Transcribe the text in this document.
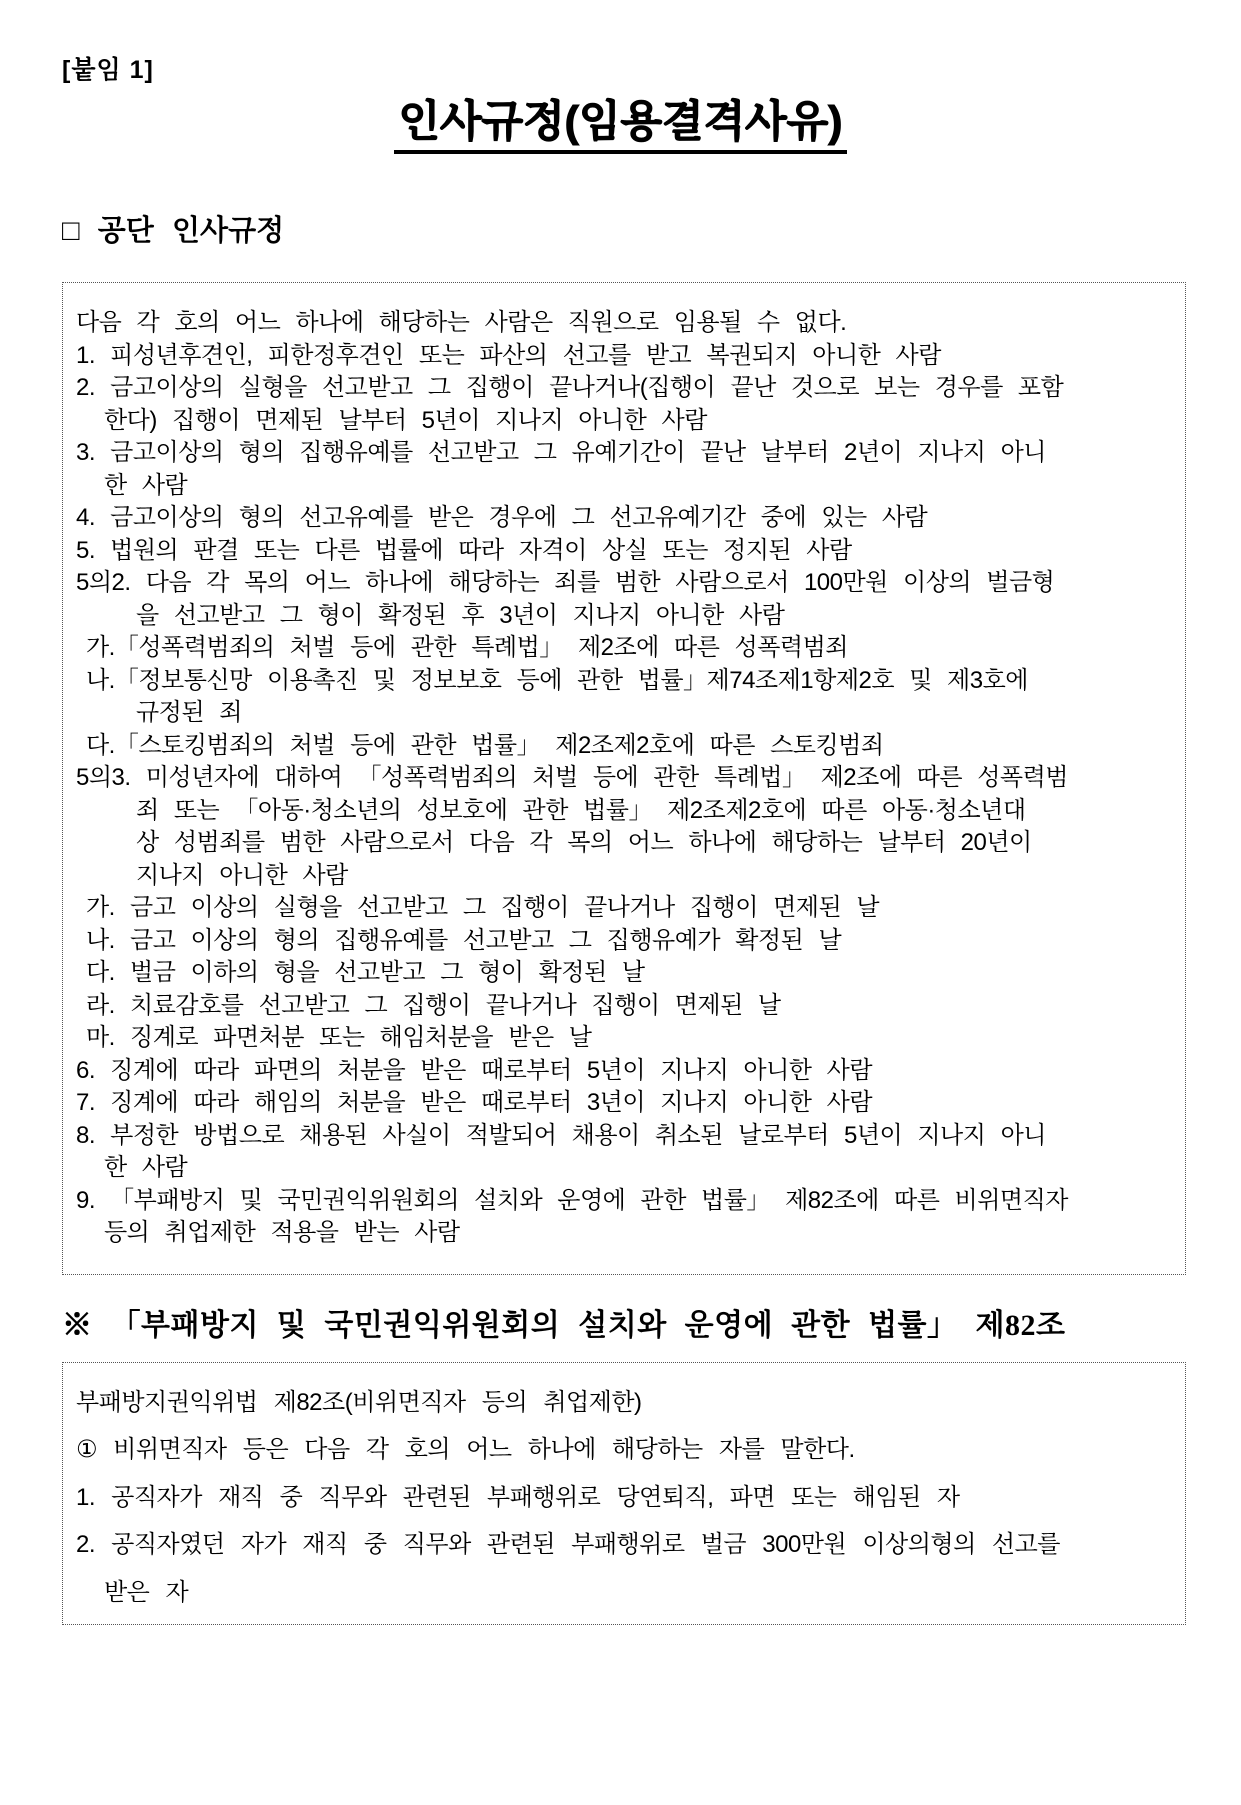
[붙임 1]
인사규정(임용결격사유)
□ 공단 인사규정
다음 각 호의 어느 하나에 해당하는 사람은 직원으로 임용될 수 없다.
1. 피성년후견인, 피한정후견인 또는 파산의 선고를 받고 복권되지 아니한 사람
2. 금고이상의 실형을 선고받고 그 집행이 끝나거나(집행이 끝난 것으로 보는 경우를 포함
한다) 집행이 면제된 날부터 5년이 지나지 아니한 사람
3. 금고이상의 형의 집행유예를 선고받고 그 유예기간이 끝난 날부터 2년이 지나지 아니
한 사람
4. 금고이상의 형의 선고유예를 받은 경우에 그 선고유예기간 중에 있는 사람
5. 법원의 판결 또는 다른 법률에 따라 자격이 상실 또는 정지된 사람
5의2. 다음 각 목의 어느 하나에 해당하는 죄를 범한 사람으로서 100만원 이상의 벌금형
을 선고받고 그 형이 확정된 후 3년이 지나지 아니한 사람
가.「성폭력범죄의 처벌 등에 관한 특례법」 제2조에 따른 성폭력범죄
나.「정보통신망 이용촉진 및 정보보호 등에 관한 법률」제74조제1항제2호 및 제3호에
규정된 죄
다.「스토킹범죄의 처벌 등에 관한 법률」 제2조제2호에 따른 스토킹범죄
5의3. 미성년자에 대하여 「성폭력범죄의 처벌 등에 관한 특례법」 제2조에 따른 성폭력범
죄 또는 「아동·청소년의 성보호에 관한 법률」 제2조제2호에 따른 아동·청소년대
상 성범죄를 범한 사람으로서 다음 각 목의 어느 하나에 해당하는 날부터 20년이
지나지 아니한 사람
가. 금고 이상의 실형을 선고받고 그 집행이 끝나거나 집행이 면제된 날
나. 금고 이상의 형의 집행유예를 선고받고 그 집행유예가 확정된 날
다. 벌금 이하의 형을 선고받고 그 형이 확정된 날
라. 치료감호를 선고받고 그 집행이 끝나거나 집행이 면제된 날
마. 징계로 파면처분 또는 해임처분을 받은 날
6. 징계에 따라 파면의 처분을 받은 때로부터 5년이 지나지 아니한 사람
7. 징계에 따라 해임의 처분을 받은 때로부터 3년이 지나지 아니한 사람
8. 부정한 방법으로 채용된 사실이 적발되어 채용이 취소된 날로부터 5년이 지나지 아니
한 사람
9. 「부패방지 및 국민권익위원회의 설치와 운영에 관한 법률」 제82조에 따른 비위면직자
등의 취업제한 적용을 받는 사람
※ 「부패방지 및 국민권익위원회의 설치와 운영에 관한 법률」 제82조
부패방지권익위법 제82조(비위면직자 등의 취업제한)
① 비위면직자 등은 다음 각 호의 어느 하나에 해당하는 자를 말한다.
1. 공직자가 재직 중 직무와 관련된 부패행위로 당연퇴직, 파면 또는 해임된 자
2. 공직자였던 자가 재직 중 직무와 관련된 부패행위로 벌금 300만원 이상의형의 선고를
받은 자
